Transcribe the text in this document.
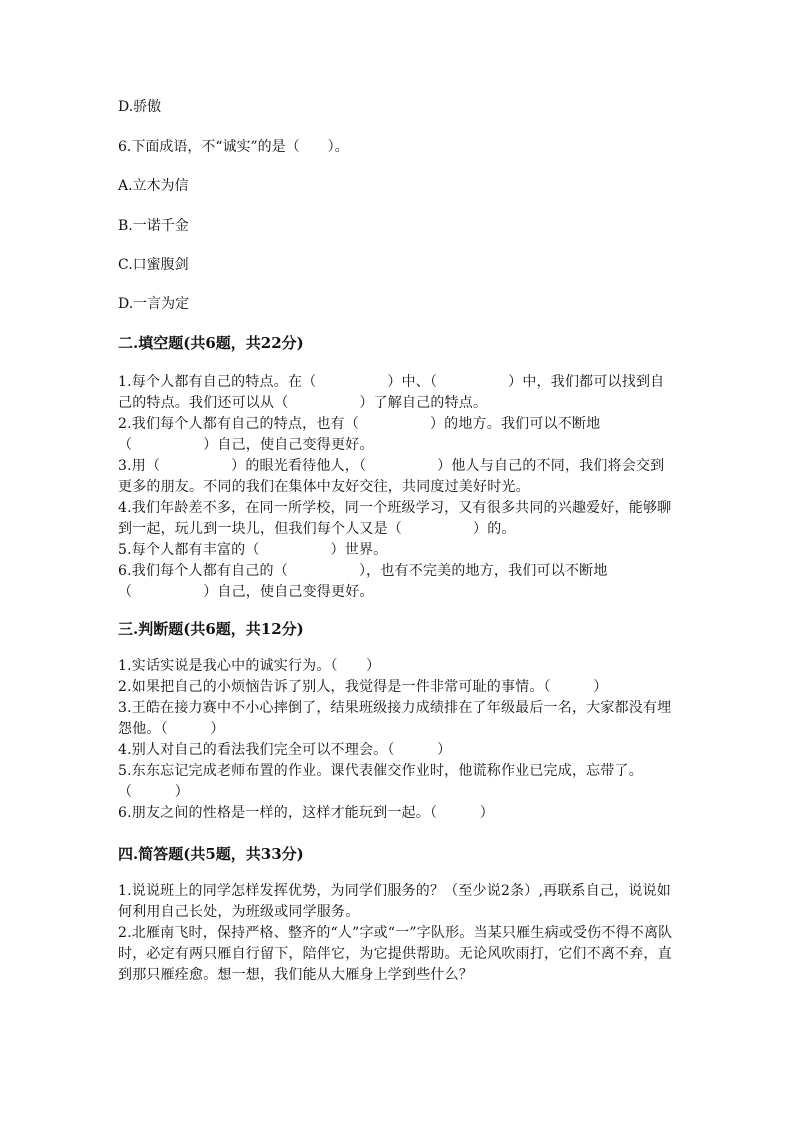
D.骄傲
6.下面成语，不“诚实”的是（　　）。
A.立木为信
B.一诺千金
C.口蜜腹剑
D.一言为定
二.填空题(共6题，共22分)
1.每个人都有自己的特点。在（　　　　　）中、（　　　　　）中，我们都可以找到自己的特点。我们还可以从（　　　　　）了解自己的特点。
2.我们每个人都有自己的特点，也有（　　　　　）的地方。我们可以不断地（　　　　　）自己，使自己变得更好。
3.用（　　　　　）的眼光看待他人，（　　　　　）他人与自己的不同，我们将会交到更多的朋友。不同的我们在集体中友好交往，共同度过美好时光。
4.我们年龄差不多，在同一所学校，同一个班级学习，又有很多共同的兴趣爱好，能够聊到一起，玩儿到一块儿，但我们每个人又是（　　　　　）的。
5.每个人都有丰富的（　　　　　）世界。
6.我们每个人都有自己的（　　　　　），也有不完美的地方，我们可以不断地（　　　　　）自己，使自己变得更好。
三.判断题(共6题，共12分)
1.实话实说是我心中的诚实行为。（　　）
2.如果把自己的小烦恼告诉了别人，我觉得是一件非常可耻的事情。（　　　）
3.王皓在接力赛中不小心摔倒了，结果班级接力成绩排在了年级最后一名，大家都没有埋怨他。（　　　）
4.别人对自己的看法我们完全可以不理会。（　　　）
5.东东忘记完成老师布置的作业。课代表催交作业时，他谎称作业已完成，忘带了。（　　　）
6.朋友之间的性格是一样的，这样才能玩到一起。（　　　）
四.简答题(共5题，共33分)
1.说说班上的同学怎样发挥优势，为同学们服务的？（至少说2条）,再联系自己，说说如何利用自己长处，为班级或同学服务。
2.北雁南飞时，保持严格、整齐的“人”字或“一”字队形。当某只雁生病或受伤不得不离队时，必定有两只雁自行留下，陪伴它，为它提供帮助。无论风吹雨打，它们不离不弃，直到那只雁痊愈。想一想，我们能从大雁身上学到些什么？
